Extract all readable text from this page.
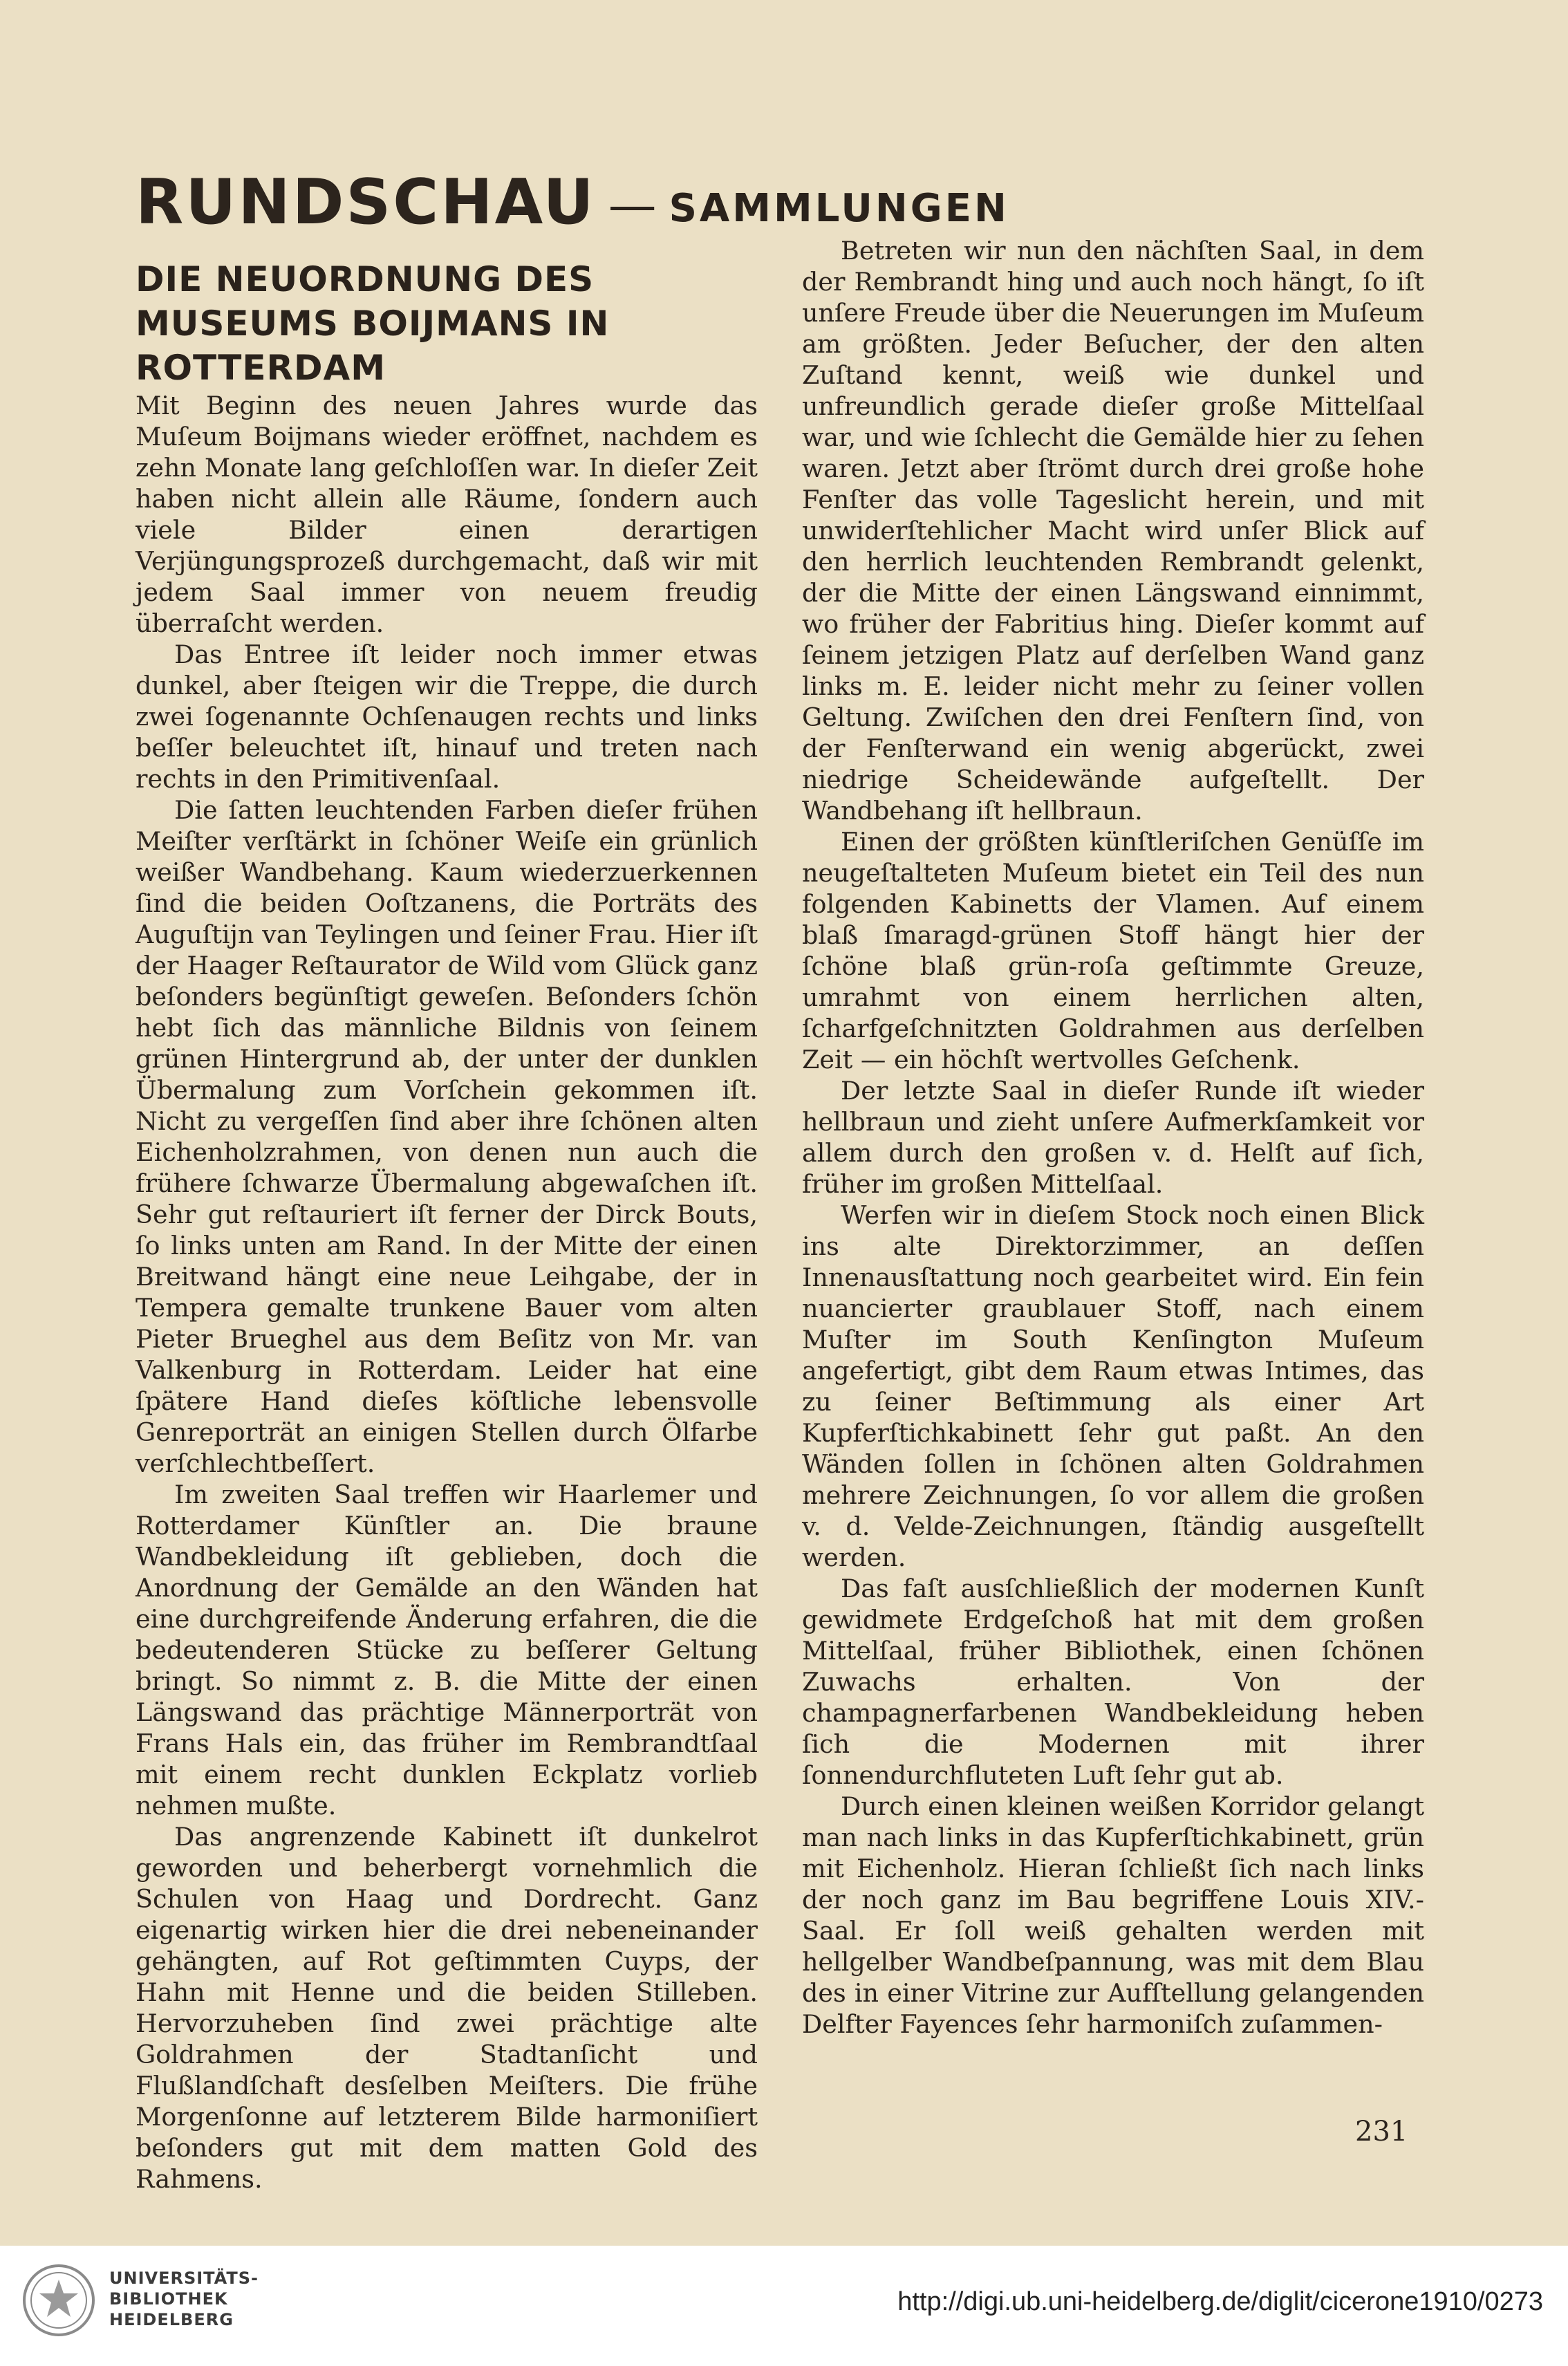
RUNDSCHAU — SAMMLUNGEN
DIE NEUORDNUNG DES MUSEUMS BOIJMANS IN ROTTERDAM

Mit Beginn des neuen Jahres wurde das Muſeum Boijmans wieder eröffnet, nachdem es zehn Monate lang geſchloſſen war. In dieſer Zeit haben nicht allein alle Räume, ſondern auch viele Bilder einen derartigen Verjüngungsprozeß durchgemacht, daß wir mit jedem Saal immer von neuem freudig überraſcht werden.

Das Entree iſt leider noch immer etwas dunkel, aber ſteigen wir die Treppe, die durch zwei ſogenannte Ochſenaugen rechts und links beſſer beleuchtet iſt, hinauf und treten nach rechts in den Primitivenſaal.

Die ſatten leuchtenden Farben dieſer frühen Meiſter verſtärkt in ſchöner Weiſe ein grünlich weißer Wandbehang. Kaum wiederzuerkennen ſind die beiden Ooſtzanens, die Porträts des Auguſtijn van Teylingen und ſeiner Frau. Hier iſt der Haager Reſtaurator de Wild vom Glück ganz beſonders begünſtigt geweſen. Beſonders ſchön hebt ſich das männliche Bildnis von ſeinem grünen Hintergrund ab, der unter der dunklen Übermalung zum Vorſchein gekommen iſt. Nicht zu vergeſſen ſind aber ihre ſchönen alten Eichenholzrahmen, von denen nun auch die frühere ſchwarze Übermalung abgewaſchen iſt. Sehr gut reſtauriert iſt ferner der Dirck Bouts, ſo links unten am Rand. In der Mitte der einen Breitwand hängt eine neue Leihgabe, der in Tempera gemalte trunkene Bauer vom alten Pieter Brueghel aus dem Beſitz von Mr. van Valkenburg in Rotterdam. Leider hat eine ſpätere Hand dieſes köſtliche lebensvolle Genreporträt an einigen Stellen durch Ölfarbe verſchlechtbeſſert.

Im zweiten Saal treffen wir Haarlemer und Rotterdamer Künſtler an. Die braune Wandbekleidung iſt geblieben, doch die Anordnung der Gemälde an den Wänden hat eine durchgreifende Änderung erfahren, die die bedeutenderen Stücke zu beſſerer Geltung bringt. So nimmt z. B. die Mitte der einen Längswand das prächtige Männerporträt von Frans Hals ein, das früher im Rembrandtſaal mit einem recht dunklen Eckplatz vorlieb nehmen mußte.

Das angrenzende Kabinett iſt dunkelrot geworden und beherbergt vornehmlich die Schulen von Haag und Dordrecht. Ganz eigenartig wirken hier die drei nebeneinander gehängten, auf Rot geſtimmten Cuyps, der Hahn mit Henne und die beiden Stilleben. Hervorzuheben ſind zwei prächtige alte Goldrahmen der Stadtanſicht und Flußlandſchaft desſelben Meiſters. Die frühe Morgenſonne auf letzterem Bilde harmoniſiert beſonders gut mit dem matten Gold des Rahmens.

Betreten wir nun den nächſten Saal, in dem der Rembrandt hing und auch noch hängt, ſo iſt unſere Freude über die Neuerungen im Muſeum am größten. Jeder Beſucher, der den alten Zuſtand kennt, weiß wie dunkel und unfreundlich gerade dieſer große Mittelſaal war, und wie ſchlecht die Gemälde hier zu ſehen waren. Jetzt aber ſtrömt durch drei große hohe Fenſter das volle Tageslicht herein, und mit unwiderſtehlicher Macht wird unſer Blick auf den herrlich leuchtenden Rembrandt gelenkt, der die Mitte der einen Längswand einnimmt, wo früher der Fabritius hing. Dieſer kommt auf ſeinem jetzigen Platz auf derſelben Wand ganz links m. E. leider nicht mehr zu ſeiner vollen Geltung. Zwiſchen den drei Fenſtern ſind, von der Fenſterwand ein wenig abgerückt, zwei niedrige Scheidewände aufgeſtellt. Der Wandbehang iſt hellbraun.

Einen der größten künſtleriſchen Genüſſe im neugeſtalteten Muſeum bietet ein Teil des nun folgenden Kabinetts der Vlamen. Auf einem blaß ſmaragd-grünen Stoff hängt hier der ſchöne blaß grün-roſa geſtimmte Greuze, umrahmt von einem herrlichen alten, ſcharfgeſchnitzten Goldrahmen aus derſelben Zeit — ein höchſt wertvolles Geſchenk.

Der letzte Saal in dieſer Runde iſt wieder hellbraun und zieht unſere Aufmerkſamkeit vor allem durch den großen v. d. Helſt auf ſich, früher im großen Mittelſaal.

Werfen wir in dieſem Stock noch einen Blick ins alte Direktorzimmer, an deſſen Innenausſtattung noch gearbeitet wird. Ein fein nuancierter graublauer Stoff, nach einem Muſter im South Kenſington Muſeum angefertigt, gibt dem Raum etwas Intimes, das zu ſeiner Beſtimmung als einer Art Kupferſtichkabinett ſehr gut paßt. An den Wänden ſollen in ſchönen alten Goldrahmen mehrere Zeichnungen, ſo vor allem die großen v. d. Velde-Zeichnungen, ſtändig ausgeſtellt werden.

Das faſt ausſchließlich der modernen Kunſt gewidmete Erdgeſchoß hat mit dem großen Mittelſaal, früher Bibliothek, einen ſchönen Zuwachs erhalten. Von der champagnerfarbenen Wandbekleidung heben ſich die Modernen mit ihrer ſonnendurchfluteten Luft ſehr gut ab.

Durch einen kleinen weißen Korridor gelangt man nach links in das Kupferſtichkabinett, grün mit Eichenholz. Hieran ſchließt ſich nach links der noch ganz im Bau begriffene Louis XIV.-Saal. Er ſoll weiß gehalten werden mit hellgelber Wandbeſpannung, was mit dem Blau des in einer Vitrine zur Aufſtellung gelangenden Delfter Fayences ſehr harmoniſch zuſammen-

231
UNIVERSITÄTS-
BIBLIOTHEK
HEIDELBERG
http://digi.ub.uni-heidelberg.de/diglit/cicerone1910/0273
